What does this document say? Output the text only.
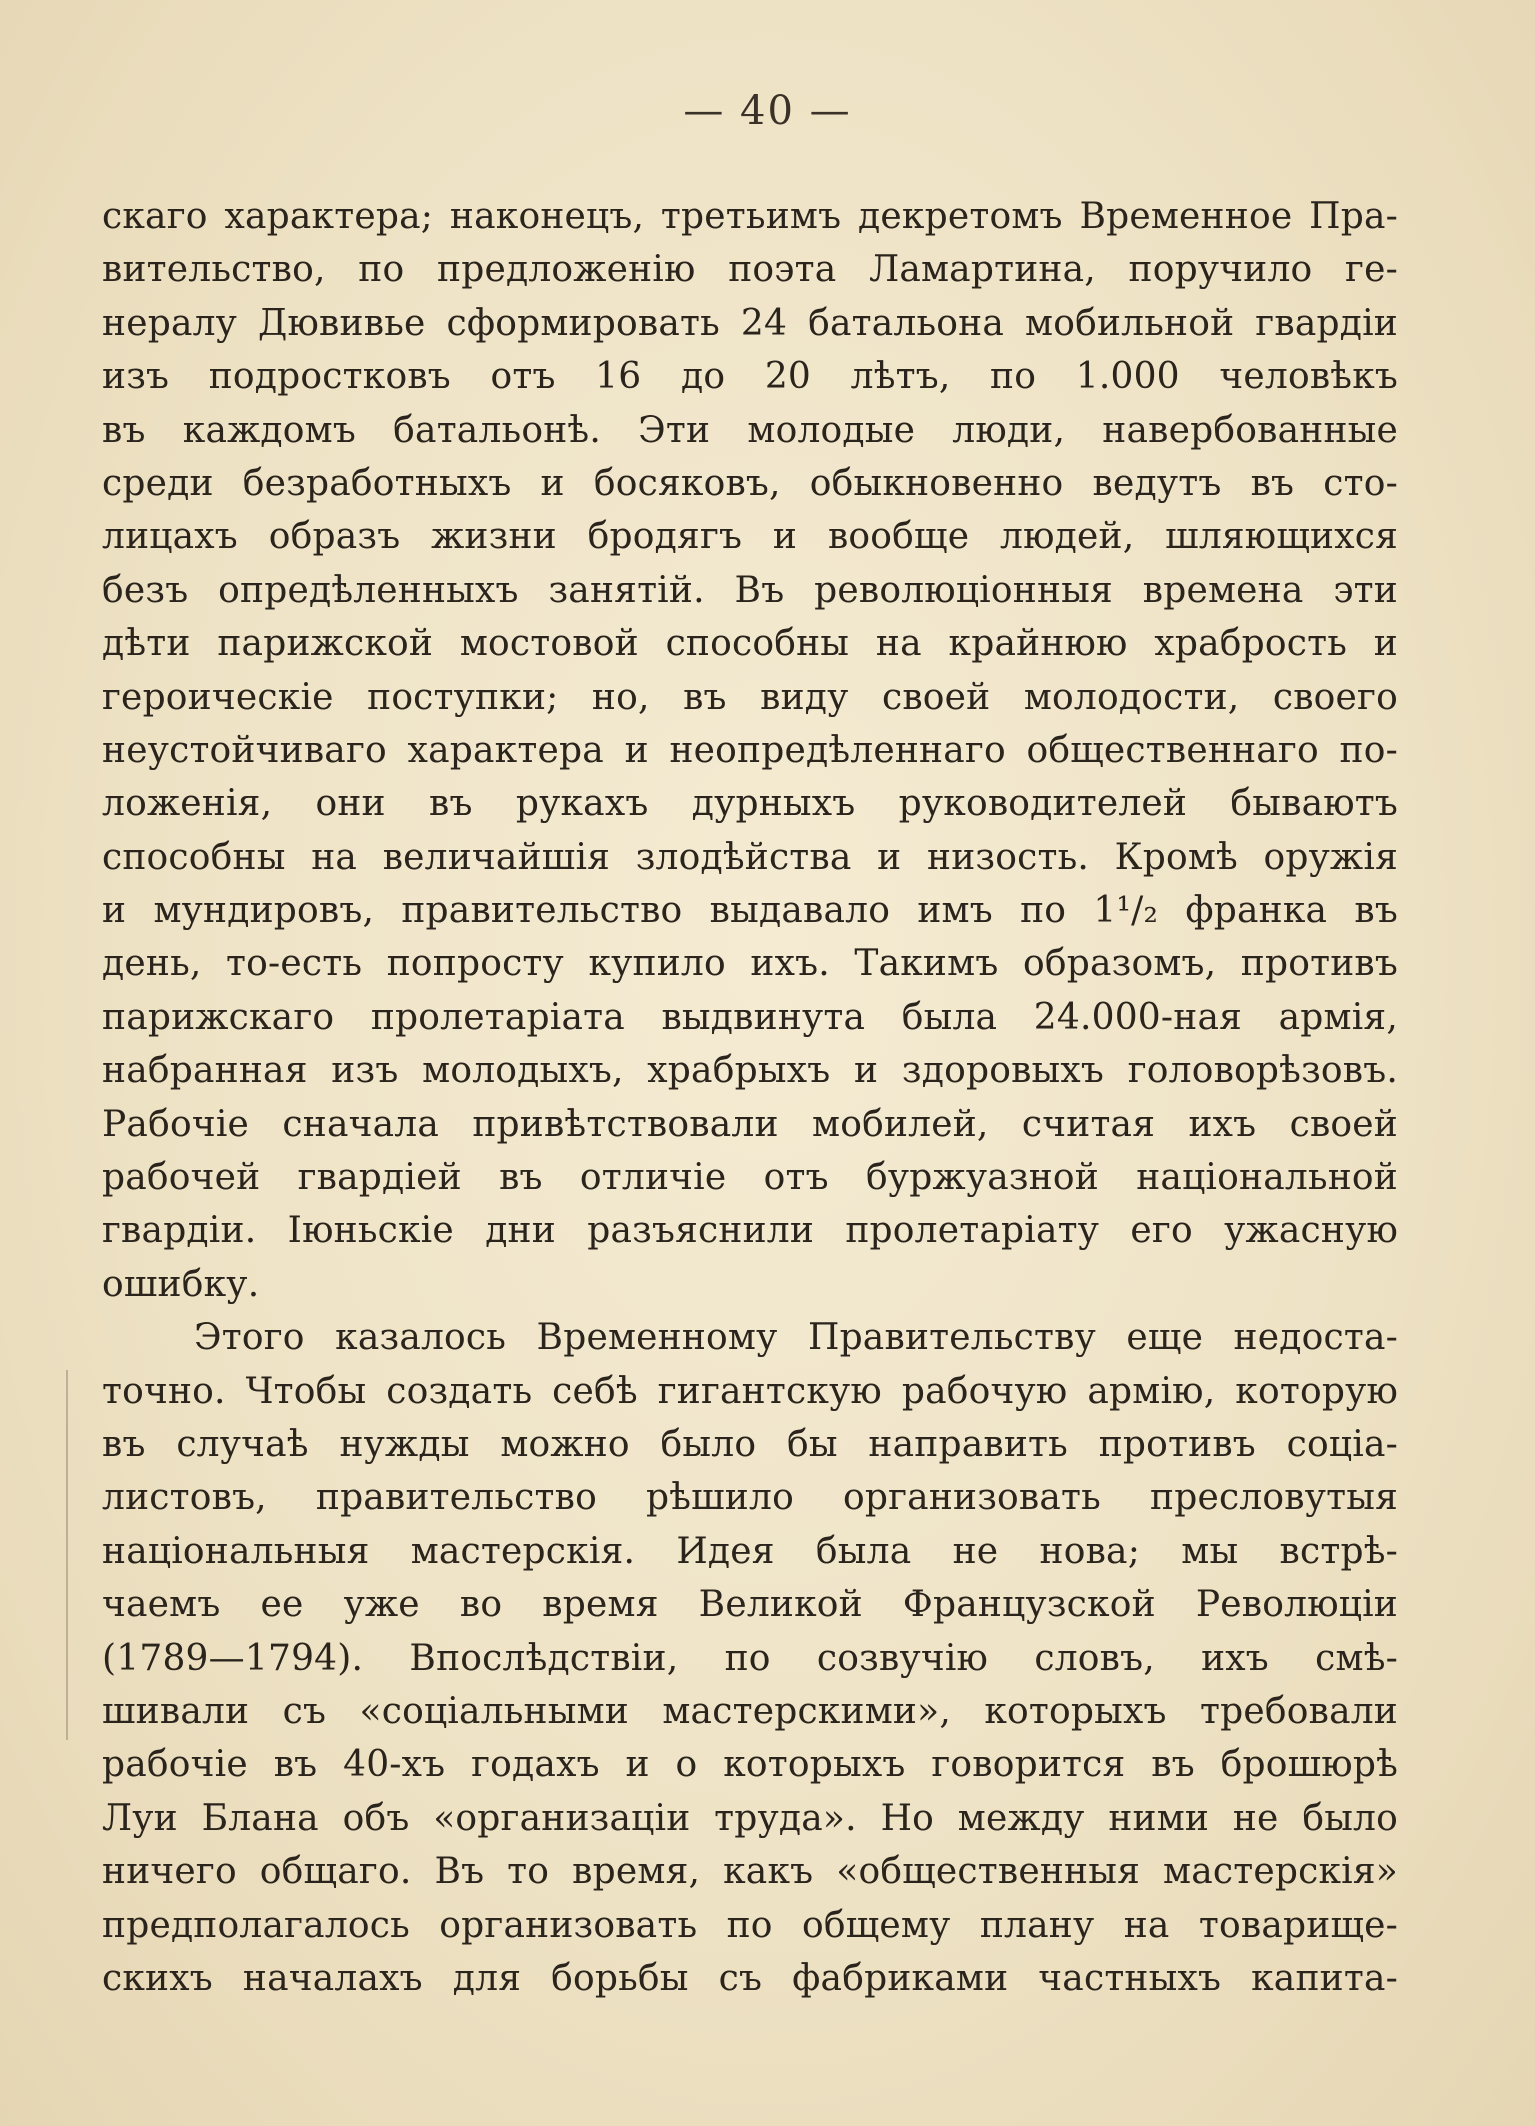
— 40 —
скаго характера; наконецъ, третьимъ декретомъ Временное Пра-
вительство, по предложенію поэта Ламартина, поручило ге-
нералу Дювивье сформировать 24 батальона мобильной гвардіи
изъ подростковъ отъ 16 до 20 лѣтъ, по 1.000 человѣкъ
въ каждомъ батальонѣ. Эти молодые люди, навербованные
среди безработныхъ и босяковъ, обыкновенно ведутъ въ сто-
лицахъ образъ жизни бродягъ и вообще людей, шляющихся
безъ опредѣленныхъ занятій. Въ революціонныя времена эти
дѣти парижской мостовой способны на крайнюю храбрость и
героическіе поступки; но, въ виду своей молодости, своего
неустойчиваго характера и неопредѣленнаго общественнаго по-
ложенія, они въ рукахъ дурныхъ руководителей бываютъ
способны на величайшія злодѣйства и низость. Кромѣ оружія
и мундировъ, правительство выдавало имъ по 1¹/₂ франка въ
день, то-есть попросту купило ихъ. Такимъ образомъ, противъ
парижскаго пролетаріата выдвинута была 24.000-ная армія,
набранная изъ молодыхъ, храбрыхъ и здоровыхъ головорѣзовъ.
Рабочіе сначала привѣтствовали мобилей, считая ихъ своей
рабочей гвардіей въ отличіе отъ буржуазной національной
гвардіи. Іюньскіе дни разъяснили пролетаріату его ужасную
ошибку.
Этого казалось Временному Правительству еще недоста-
точно. Чтобы создать себѣ гигантскую рабочую армію, которую
въ случаѣ нужды можно было бы направить противъ соціа-
листовъ, правительство рѣшило организовать пресловутыя
національныя мастерскія. Идея была не нова; мы встрѣ-
чаемъ ее уже во время Великой Французской Революціи
(1789—1794). Впослѣдствіи, по созвучію словъ, ихъ смѣ-
шивали съ «соціальными мастерскими», которыхъ требовали
рабочіе въ 40-хъ годахъ и о которыхъ говорится въ брошюрѣ
Луи Блана объ «организаціи труда». Но между ними не было
ничего общаго. Въ то время, какъ «общественныя мастерскія»
предполагалось организовать по общему плану на товарище-
скихъ началахъ для борьбы съ фабриками частныхъ капита-
